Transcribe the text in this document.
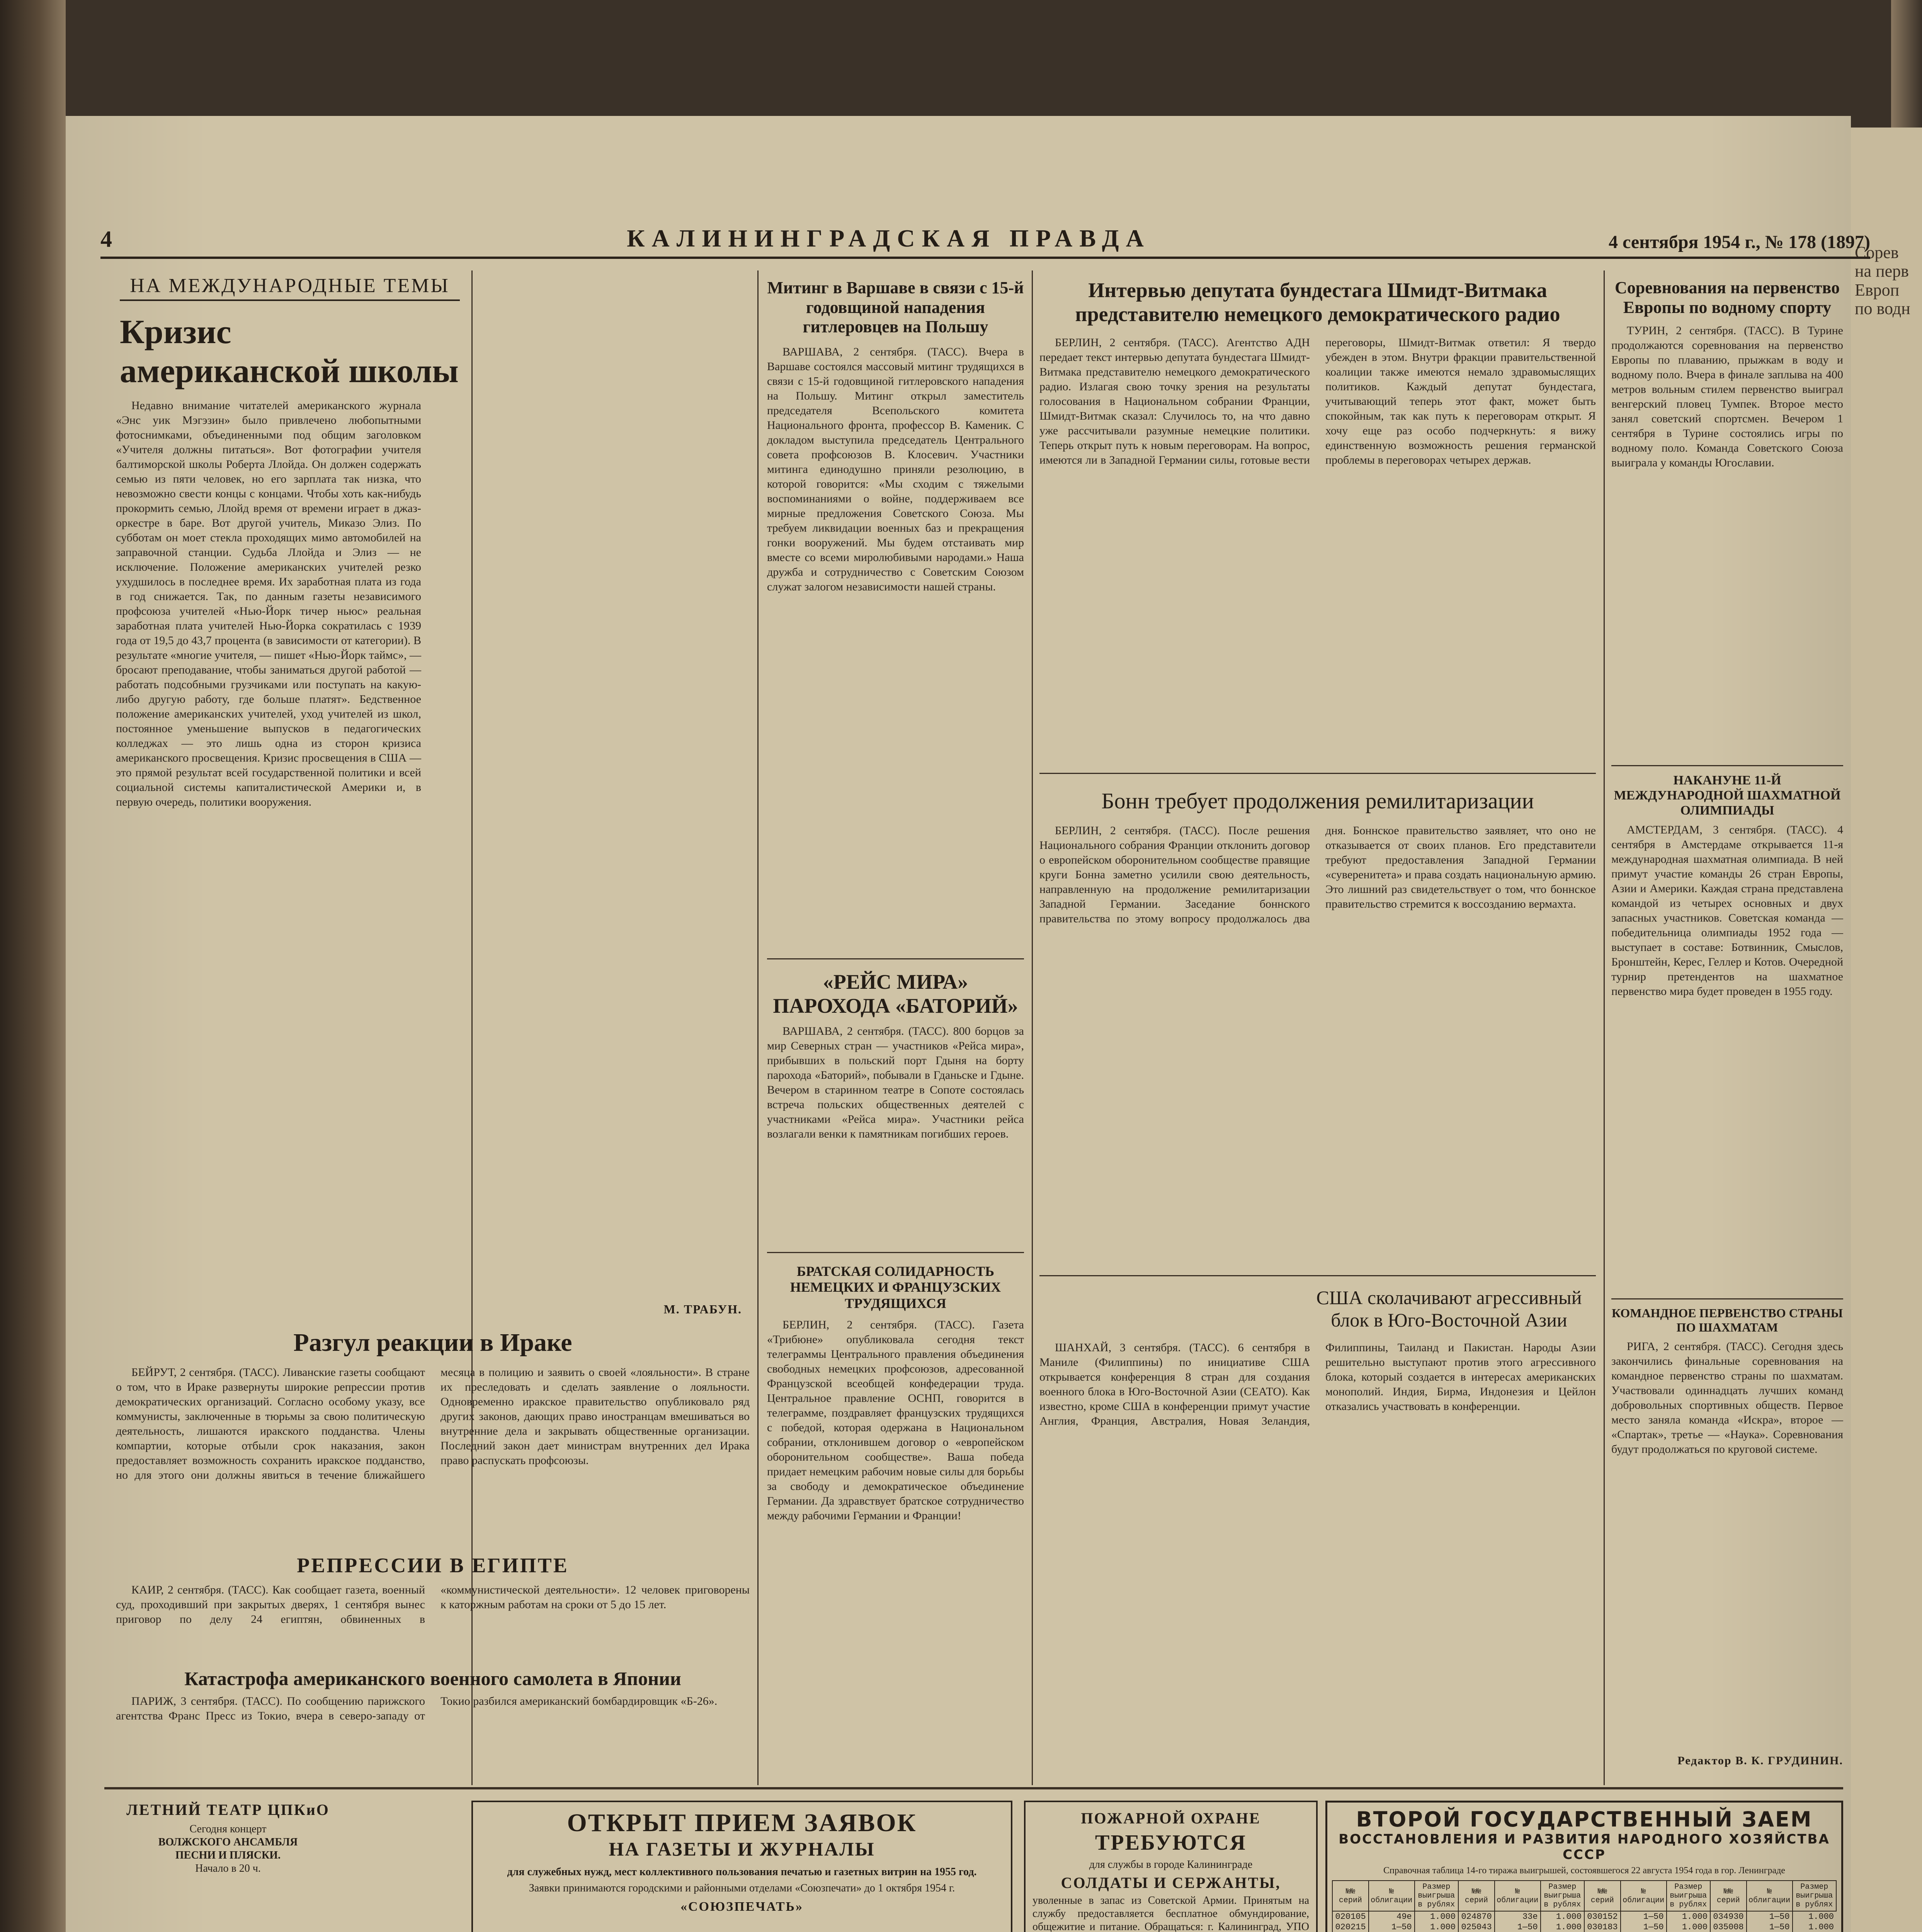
Сорев на перв Европ по водн
4	КАЛИНИНГРАДСКАЯ ПРАВДА	4 сентября 1954 г., № 178 (1897)
НА МЕЖДУНАРОДНЫЕ ТЕМЫ
Кризис американской школы

Недавно внимание читателей американского журнала «Энс уик Мэгэзин» было привлечено любопытными фотоснимками, объединенными под общим заголовком «Учителя должны питаться». Вот фотографии учителя балтиморской школы Роберта Ллойда. Он должен содержать семью из пяти человек, но его зарплата так низка, что невозможно свести концы с концами. Чтобы хоть как-нибудь прокормить семью, Ллойд время от времени играет в джаз-оркестре в баре. Вот другой учитель, Миказо Элиз. По субботам он моет стекла проходящих мимо автомобилей на заправочной станции. Судьба Ллойда и Элиз — не исключение. Положение американских учителей резко ухудшилось в последнее время. Их заработная плата из года в год снижается. Так, по данным газеты независимого профсоюза учителей «Нью-Йорк тичер ньюс» реальная заработная плата учителей Нью-Йорка сократилась с 1939 года от 19,5 до 43,7 процента (в зависимости от категории). В результате «многие учителя, — пишет «Нью-Йорк таймс», — бросают преподавание, чтобы заниматься другой работой — работать подсобными грузчиками или поступать на какую-либо другую работу, где больше платят». Бедственное положение американских учителей, уход учителей из школ, постоянное уменьшение выпусков в педагогических колледжах — это лишь одна из сторон кризиса американского просвещения. Кризис просвещения в США — это прямой результат всей государственной политики и всей социальной системы капиталистической Америки и, в первую очередь, политики вооружения.

М. ТРАБУН.
Разгул реакции в Ираке

БЕЙРУТ, 2 сентября. (ТАСС). Ливанские газеты сообщают о том, что в Ираке развернуты широкие репрессии против демократических организаций. Согласно особому указу, все коммунисты, заключенные в тюрьмы за свою политическую деятельность, лишаются иракского подданства. Члены компартии, которые отбыли срок наказания, закон предоставляет возможность сохранить иракское подданство, но для этого они должны явиться в течение ближайшего месяца в полицию и заявить о своей «лояльности». В стране их преследовать и сделать заявление о лояльности. Одновременно иракское правительство опубликовало ряд других законов, дающих право иностранцам вмешиваться во внутренние дела и закрывать общественные организации. Последний закон дает министрам внутренних дел Ирака право распускать профсоюзы.

РЕПРЕССИИ В ЕГИПТЕ

КАИР, 2 сентября. (ТАСС). Как сообщает газета, военный суд, проходивший при закрытых дверях, 1 сентября вынес приговор по делу 24 египтян, обвиненных в «коммунистической деятельности». 12 человек приговорены к каторжным работам на сроки от 5 до 15 лет.

Катастрофа американского военного самолета в Японии

ПАРИЖ, 3 сентября. (ТАСС). По сообщению парижского агентства Франс Пресс из Токио, вчера в северо-западу от Токио разбился американский бомбардировщик «Б-26».

Митинг в Варшаве в связи с 15-й годовщиной нападения гитлеровцев на Польшу

ВАРШАВА, 2 сентября. (ТАСС). Вчера в Варшаве состоялся массовый митинг трудящихся в связи с 15-й годовщиной гитлеровского нападения на Польшу. Митинг открыл заместитель председателя Всепольского комитета Национального фронта, профессор В. Каменик. С докладом выступила председатель Центрального совета профсоюзов В. Клосевич. Участники митинга единодушно приняли резолюцию, в которой говорится: «Мы сходим с тяжелыми воспоминаниями о войне, поддерживаем все мирные предложения Советского Союза. Мы требуем ликвидации военных баз и прекращения гонки вооружений. Мы будем отстаивать мир вместе со всеми миролюбивыми народами.» Наша дружба и сотрудничество с Советским Союзом служат залогом независимости нашей страны.

«РЕЙС МИРА» ПАРОХОДА «БАТОРИЙ»

ВАРШАВА, 2 сентября. (ТАСС). 800 борцов за мир Северных стран — участников «Рейса мира», прибывших в польский порт Гдыня на борту парохода «Баторий», побывали в Гданьске и Гдыне. Вечером в старинном театре в Сопоте состоялась встреча польских общественных деятелей с участниками «Рейса мира». Участники рейса возлагали венки к памятникам погибших героев.

БРАТСКАЯ СОЛИДАРНОСТЬ НЕМЕЦКИХ И ФРАНЦУЗСКИХ ТРУДЯЩИХСЯ

БЕРЛИН, 2 сентября. (ТАСС). Газета «Трибюне» опубликовала сегодня текст телеграммы Центрального правления объединения свободных немецких профсоюзов, адресованной Французской всеобщей конфедерации труда. Центральное правление ОСНП, говорится в телеграмме, поздравляет французских трудящихся с победой, которая одержана в Национальном собрании, отклонившем договор о «европейском оборонительном сообществе». Ваша победа придает немецким рабочим новые силы для борьбы за свободу и демократическое объединение Германии. Да здравствует братское сотрудничество между рабочими Германии и Франции!

Интервью депутата бундестага Шмидт-Витмака представителю немецкого демократического радио

БЕРЛИН, 2 сентября. (ТАСС). Агентство АДН передает текст интервью депутата бундестага Шмидт-Витмака представителю немецкого демократического радио. Излагая свою точку зрения на результаты голосования в Национальном собрании Франции, Шмидт-Витмак сказал: Случилось то, на что давно уже рассчитывали разумные немецкие политики. Теперь открыт путь к новым переговорам. На вопрос, имеются ли в Западной Германии силы, готовые вести переговоры, Шмидт-Витмак ответил: Я твердо убежден в этом. Внутри фракции правительственной коалиции также имеются немало здравомыслящих политиков. Каждый депутат бундестага, учитывающий теперь этот факт, может быть спокойным, так как путь к переговорам открыт. Я хочу еще раз особо подчеркнуть: я вижу единственную возможность решения германской проблемы в переговорах четырех держав.

Бонн требует продолжения ремилитаризации

БЕРЛИН, 2 сентября. (ТАСС). После решения Национального собрания Франции отклонить договор о европейском оборонительном сообществе правящие круги Бонна заметно усилили свою деятельность, направленную на продолжение ремилитаризации Западной Германии. Заседание боннского правительства по этому вопросу продолжалось два дня. Боннское правительство заявляет, что оно не отказывается от своих планов. Его представители требуют предоставления Западной Германии «суверенитета» и права создать национальную армию. Это лишний раз свидетельствует о том, что боннское правительство стремится к воссозданию вермахта.

США сколачивают агрессивный блок в Юго-Восточной Азии

ШАНХАЙ, 3 сентября. (ТАСС). 6 сентября в Маниле (Филиппины) по инициативе США открывается конференция 8 стран для создания военного блока в Юго-Восточной Азии (СЕАТО). Как известно, кроме США в конференции примут участие Англия, Франция, Австралия, Новая Зеландия, Филиппины, Таиланд и Пакистан. Народы Азии решительно выступают против этого агрессивного блока, который создается в интересах американских монополий. Индия, Бирма, Индонезия и Цейлон отказались участвовать в конференции.

Соревнования на первенство Европы по водному спорту

ТУРИН, 2 сентября. (ТАСС). В Турине продолжаются соревнования на первенство Европы по плаванию, прыжкам в воду и водному поло. Вчера в финале заплыва на 400 метров вольным стилем первенство выиграл венгерский пловец Тумпек. Второе место занял советский спортсмен. Вечером 1 сентября в Турине состоялись игры по водному поло. Команда Советского Союза выиграла у команды Югославии.

НАКАНУНЕ 11-Й МЕЖДУНАРОДНОЙ ШАХМАТНОЙ ОЛИМПИАДЫ

АМСТЕРДАМ, 3 сентября. (ТАСС). 4 сентября в Амстердаме открывается 11-я международная шахматная олимпиада. В ней примут участие команды 26 стран Европы, Азии и Америки. Каждая страна представлена командой из четырех основных и двух запасных участников. Советская команда — победительница олимпиады 1952 года — выступает в составе: Ботвинник, Смыслов, Бронштейн, Керес, Геллер и Котов. Очередной турнир претендентов на шахматное первенство мира будет проведен в 1955 году.

КОМАНДНОЕ ПЕРВЕНСТВО СТРАНЫ ПО ШАХМАТАМ

РИГА, 2 сентября. (ТАСС). Сегодня здесь закончились финальные соревнования на командное первенство страны по шахматам. Участвовали одиннадцать лучших команд добровольных спортивных обществ. Первое место заняла команда «Искра», второе — «Спартак», третье — «Наука». Соревнования будут продолжаться по круговой системе.

Редактор В. К. ГРУДИНИН.
ЛЕТНИЙ ТЕАТР ЦПКиО
Сегодня концерт
ВОЛЖСКОГО АНСАМБЛЯ
ПЕСНИ И ПЛЯСКИ.
Начало в 20 ч.

ОТКРЫТ ПРИЕМ ЗАЯВОК
НА ГАЗЕТЫ И ЖУРНАЛЫ
для служебных нужд, мест коллективного пользования печатью и газетных витрин на 1955 год.
Заявки принимаются городскими и районными отделами «Союзпечати» до 1 октября 1954 г.
«СОЮЗПЕЧАТЬ»

ПОЖАРНОЙ ОХРАНЕ
ТРЕБУЮТСЯ
для службы в городе Калининграде
СОЛДАТЫ И СЕРЖАНТЫ,
уволенные в запас из Советской Армии. Принятым на службу предоставляется бесплатное обмундирование, общежитие и питание. Обращаться: г. Калининград, УПО
ВТОРОЙ ГОСУДАРСТВЕННЫЙ ЗАЕМ
ВОССТАНОВЛЕНИЯ И РАЗВИТИЯ НАРОДНОГО ХОЗЯЙСТВА СССР
Справочная таблица 14-го тиража выигрышей, состоявшегося 22 августа 1954 года в гор. Ленинграде
№№ серий	№ облигации	Размер выигрыша в рублях	№№ серий	№ облигации	Размер выигрыша в рублях	№№ серий	№ облигации	Размер выигрыша в рублях	№№ серий	№ облигации	Размер выигрыша в рублях
020105	49е	1.000	024870	33е	1.000	030152	1—50	1.000	034930	1—50	1.000
020215	1—50	1.000	025043	1—50	1.000	030183	1—50	1.000	035008	1—50	1.000
